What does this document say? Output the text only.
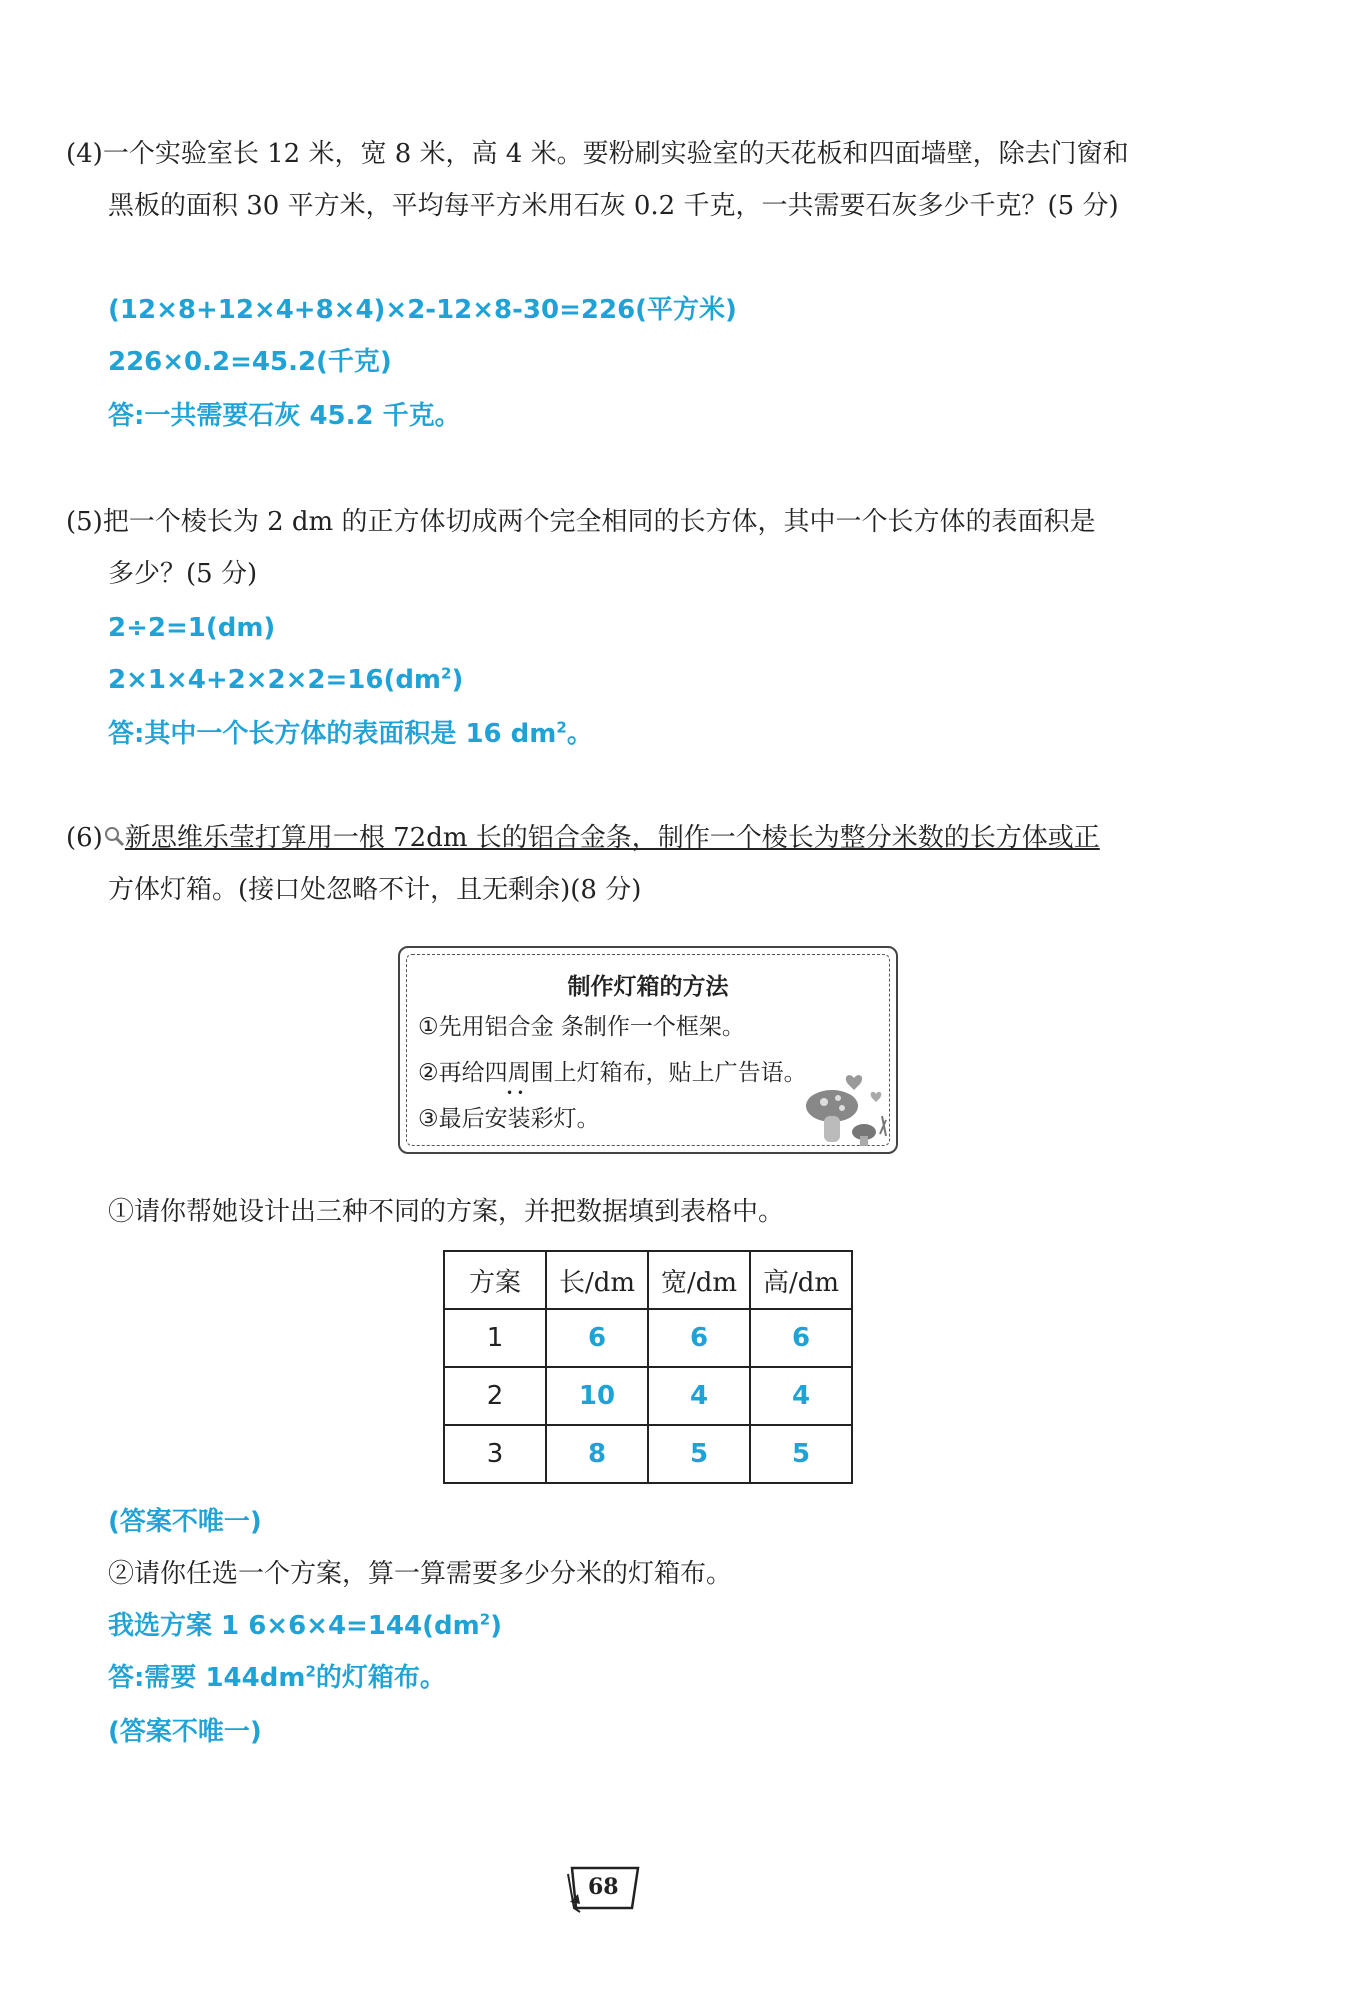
(4)一个实验室长 12 米，宽 8 米，高 4 米。要粉刷实验室的天花板和四面墙壁，除去门窗和
黑板的面积 30 平方米，平均每平方米用石灰 0.2 千克，一共需要石灰多少千克？(5 分)
(12×8+12×4+8×4)×2-12×8-30=226(平方米)
226×0.2=45.2(千克)
答:一共需要石灰 45.2 千克。
(5)把一个棱长为 2 dm 的正方体切成两个完全相同的长方体，其中一个长方体的表面积是
多少？(5 分)
2÷2=1(dm)
$2\times 1\times 4+2\times 2\times 2=16(dm^2)$
答:其中一个长方体的表面积是 16 $dm^2$。
(6) 新思维乐莹打算用一根 72dm 长的铝合金条，制作一个棱长为整分米数的长方体或正
方体灯箱。(接口处忽略不计，且无剩余)(8 分)
制作灯箱的方法
①先用铝合金 条制作一个框架。
②再给四周围上灯箱布，贴上广告语。
③最后安装彩灯。
• •
①请你帮她设计出三种不同的方案，并把数据填到表格中。
方案	长/dm	宽/dm	高/dm
1	6	6	6
2	10	4	4
3	8	5	5
(答案不唯一)
②请你任选一个方案，算一算需要多少分米的灯箱布。
我选方案 1 $6\times 6\times 4=144(dm^2)$
答:需要 $144dm^2$的灯箱布。
(答案不唯一)
68
